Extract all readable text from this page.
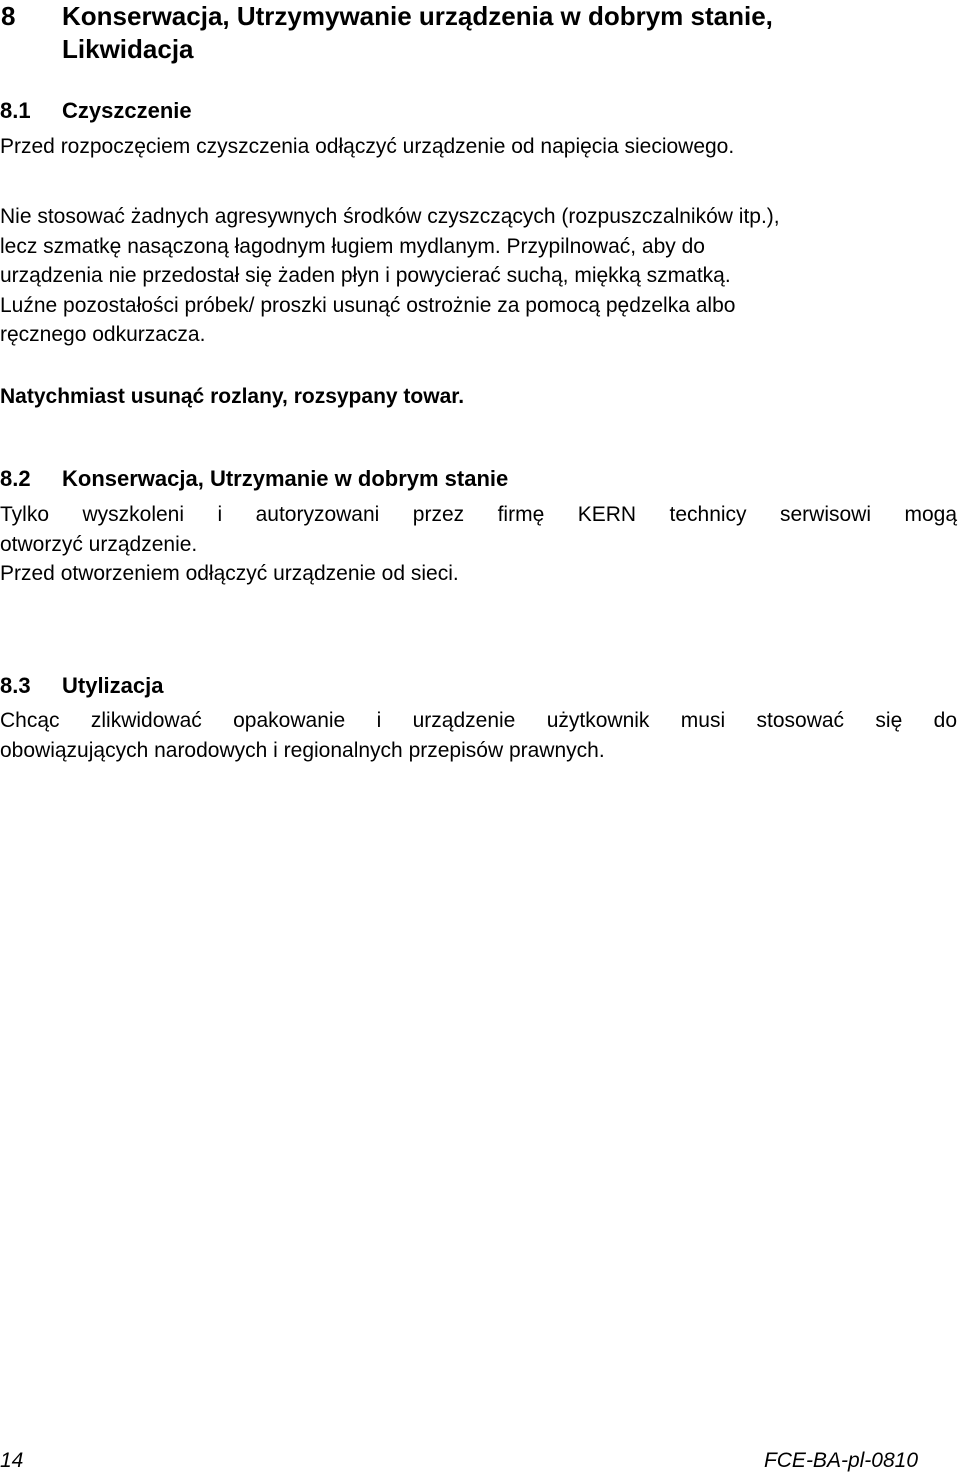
8 Konserwacja, Utrzymywanie urządzenia w dobrym stanie,
Likwidacja
8.1 Czyszczenie

Przed rozpoczęciem czyszczenia odłączyć urządzenie od napięcia sieciowego.

Nie stosować żadnych agresywnych środków czyszczących (rozpuszczalników itp.),
lecz szmatkę nasączoną łagodnym ługiem mydlanym. Przypilnować, aby do
urządzenia nie przedostał się żaden płyn i powycierać suchą, miękką szmatką.
Luźne pozostałości próbek/ proszki usunąć ostrożnie za pomocą pędzelka albo
ręcznego odkurzacza.

Natychmiast usunąć rozlany, rozsypany towar.

8.2 Konserwacja, Utrzymanie w dobrym stanie
Tylko wyszkoleni i autoryzowani przez firmę KERN technicy serwisowi mogą
otworzyć urządzenie.
Przed otworzeniem odłączyć urządzenie od sieci.
8.3 Utylizacja
Chcąc zlikwidować opakowanie i urządzenie użytkownik musi stosować się do
obowiązujących narodowych i regionalnych przepisów prawnych.
14	FCE-BA-pl-0810
